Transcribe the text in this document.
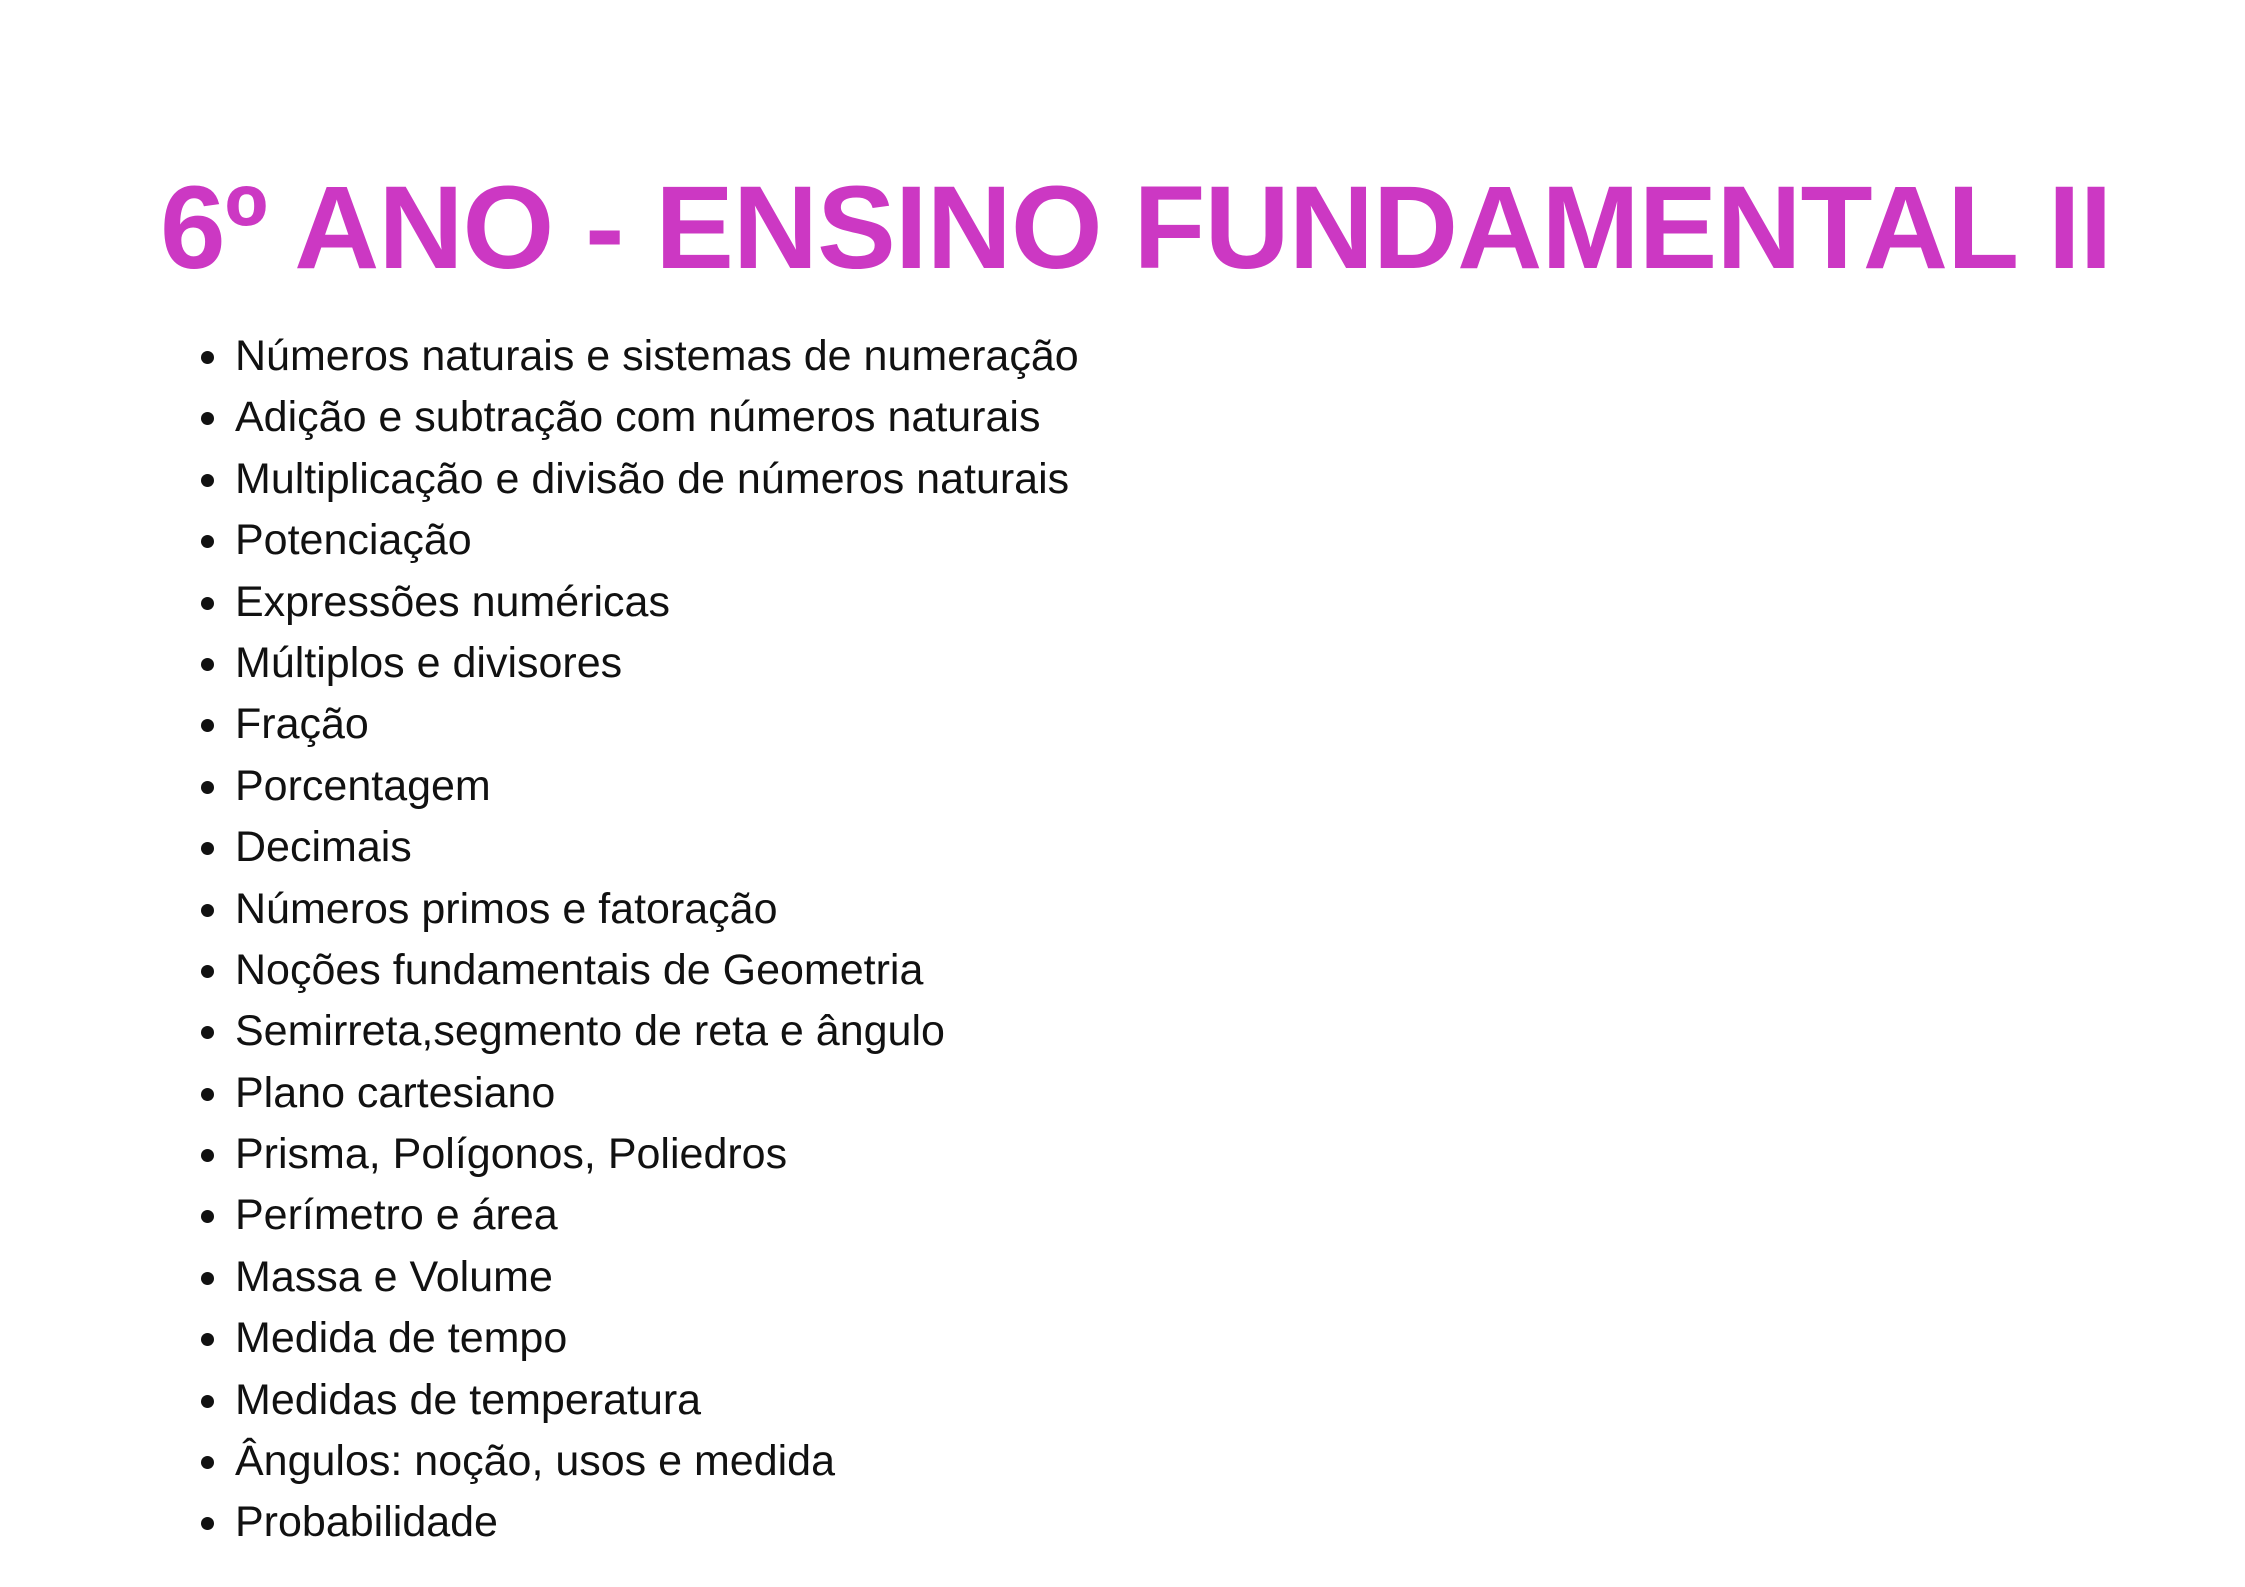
6º ANO - ENSINO FUNDAMENTAL II
Números naturais e sistemas de numeração
Adição e subtração com números naturais
Multiplicação e divisão de números naturais
Potenciação
Expressões numéricas
Múltiplos e divisores
Fração
Porcentagem
Decimais
Números primos e fatoração
Noções fundamentais de Geometria
Semirreta,segmento de reta e ângulo
Plano cartesiano
Prisma, Polígonos, Poliedros
Perímetro e área
Massa e Volume
Medida de tempo
Medidas de temperatura
Ângulos: noção, usos e medida
Probabilidade
